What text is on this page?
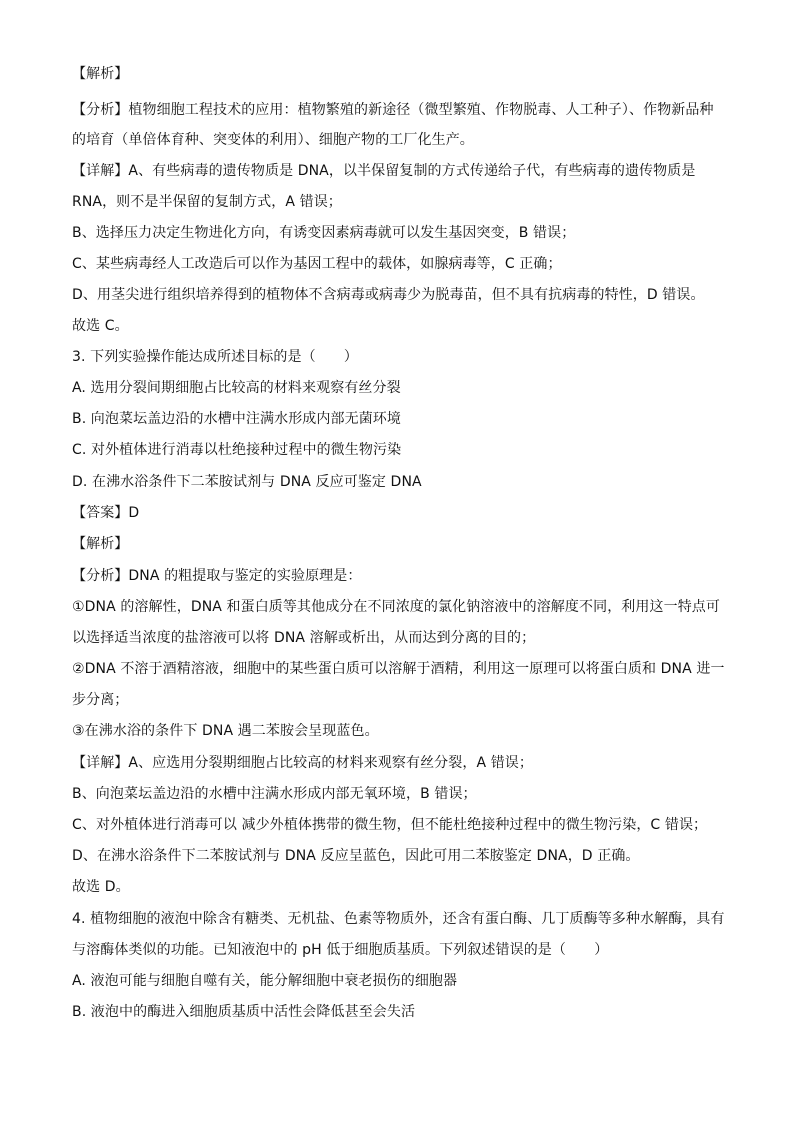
【解析】
【分析】植物细胞工程技术的应用：植物繁殖的新途径（微型繁殖、作物脱毒、人工种子）、作物新品种
的培育（单倍体育种、突变体的利用）、细胞产物的工厂化生产。
【详解】A、有些病毒的遗传物质是 DNA，以半保留复制的方式传递给子代，有些病毒的遗传物质是
RNA，则不是半保留的复制方式，A 错误；
B、选择压力决定生物进化方向，有诱变因素病毒就可以发生基因突变，B 错误；
C、某些病毒经人工改造后可以作为基因工程中的载体，如腺病毒等，C 正确；
D、用茎尖进行组织培养得到的植物体不含病毒或病毒少为脱毒苗，但不具有抗病毒的特性，D 错误。
故选 C。
3. 下列实验操作能达成所述目标的是（　　）
A. 选用分裂间期细胞占比较高的材料来观察有丝分裂
B. 向泡菜坛盖边沿的水槽中注满水形成内部无菌环境
C. 对外植体进行消毒以杜绝接种过程中的微生物污染
D. 在沸水浴条件下二苯胺试剂与 DNA 反应可鉴定 DNA
【答案】D
【解析】
【分析】DNA 的粗提取与鉴定的实验原理是：
①DNA 的溶解性，DNA 和蛋白质等其他成分在不同浓度的氯化钠溶液中的溶解度不同，利用这一特点可
以选择适当浓度的盐溶液可以将 DNA 溶解或析出，从而达到分离的目的；
②DNA 不溶于酒精溶液，细胞中的某些蛋白质可以溶解于酒精，利用这一原理可以将蛋白质和 DNA 进一
步分离；
③在沸水浴的条件下 DNA 遇二苯胺会呈现蓝色。
【详解】A、应选用分裂期细胞占比较高的材料来观察有丝分裂，A 错误；
B、向泡菜坛盖边沿的水槽中注满水形成内部无氧环境，B 错误；
C、对外植体进行消毒可以 减少外植体携带的微生物，但不能杜绝接种过程中的微生物污染，C 错误；
D、在沸水浴条件下二苯胺试剂与 DNA 反应呈蓝色，因此可用二苯胺鉴定 DNA，D 正确。
故选 D。
4. 植物细胞的液泡中除含有糖类、无机盐、色素等物质外，还含有蛋白酶、几丁质酶等多种水解酶，具有
与溶酶体类似的功能。已知液泡中的 pH 低于细胞质基质。下列叙述错误的是（　　）
A. 液泡可能与细胞自噬有关，能分解细胞中衰老损伤的细胞器
B. 液泡中的酶进入细胞质基质中活性会降低甚至会失活
